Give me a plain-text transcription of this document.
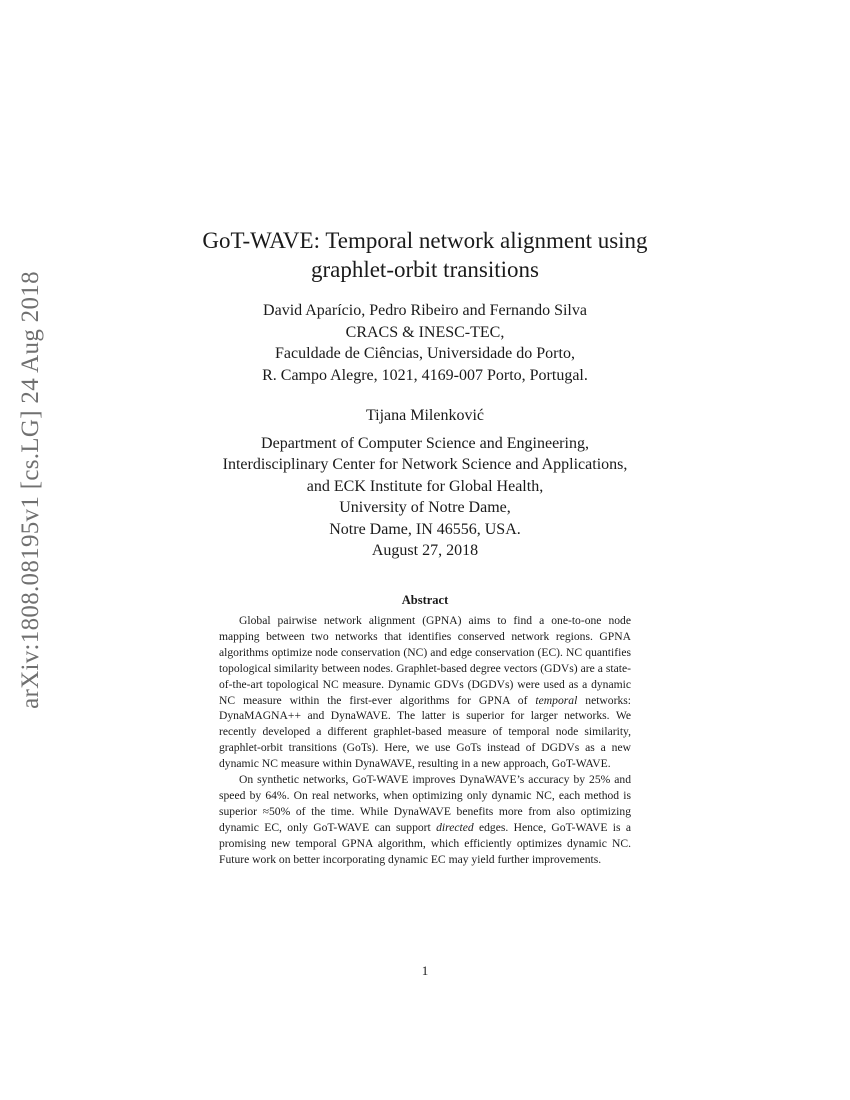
arXiv:1808.08195v1 [cs.LG] 24 Aug 2018
GoT-WAVE: Temporal network alignment using
graphlet-orbit transitions
David Aparício, Pedro Ribeiro and Fernando Silva
CRACS & INESC-TEC,
Faculdade de Ciências, Universidade do Porto,
R. Campo Alegre, 1021, 4169-007 Porto, Portugal.
Tijana Milenković
Department of Computer Science and Engineering,
Interdisciplinary Center for Network Science and Applications,
and ECK Institute for Global Health,
University of Notre Dame,
Notre Dame, IN 46556, USA.
August 27, 2018
Abstract

Global pairwise network alignment (GPNA) aims to find a one-to-one node mapping between two networks that identifies conserved network regions. GPNA algorithms optimize node conservation (NC) and edge conservation (EC). NC quantifies topological similarity between nodes. Graphlet-based degree vectors (GDVs) are a state-of-the-art topological NC measure. Dynamic GDVs (DGDVs) were used as a dynamic NC measure within the first-ever algorithms for GPNA of temporal networks: DynaMAGNA++ and DynaWAVE. The latter is superior for larger networks. We recently developed a different graphlet-based measure of temporal node similarity, graphlet-orbit transitions (GoTs). Here, we use GoTs instead of DGDVs as a new dynamic NC measure within DynaWAVE, resulting in a new approach, GoT-WAVE.

On synthetic networks, GoT-WAVE improves DynaWAVE’s accuracy by 25% and speed by 64%. On real networks, when optimizing only dynamic NC, each method is superior ≈50% of the time. While DynaWAVE benefits more from also optimizing dynamic EC, only GoT-WAVE can support directed edges. Hence, GoT-WAVE is a promising new temporal GPNA algorithm, which efficiently optimizes dynamic NC. Future work on better incorporating dynamic EC may yield further improvements.

1
